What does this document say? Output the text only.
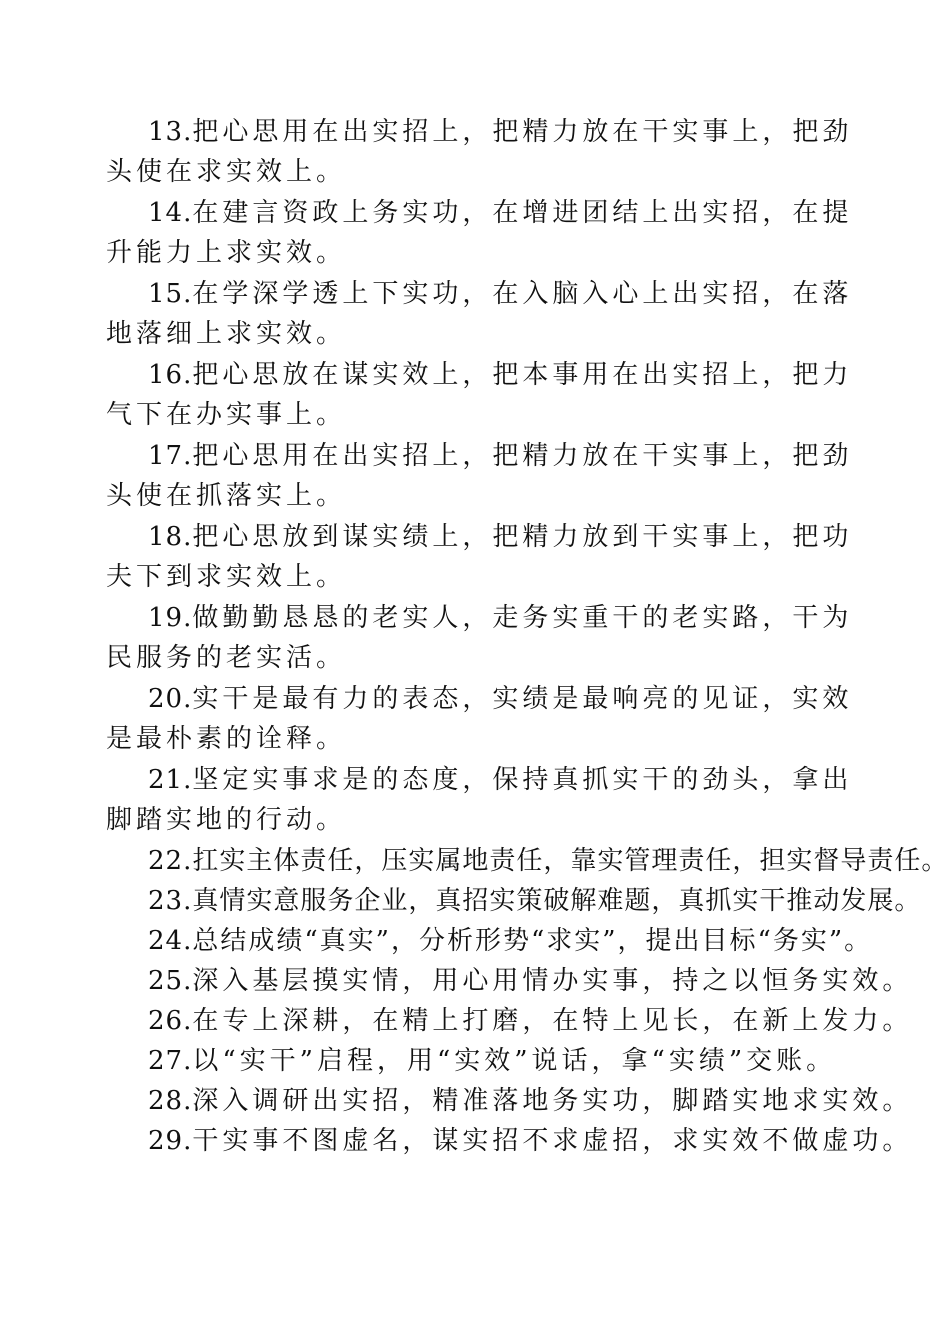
13.把心思用在出实招上，把精力放在干实事上，把劲头使在求实效上。

14.在建言资政上务实功，在增进团结上出实招，在提升能力上求实效。

15.在学深学透上下实功，在入脑入心上出实招，在落地落细上求实效。

16.把心思放在谋实效上，把本事用在出实招上，把力气下在办实事上。

17.把心思用在出实招上，把精力放在干实事上，把劲头使在抓落实上。

18.把心思放到谋实绩上，把精力放到干实事上，把功夫下到求实效上。

19.做勤勤恳恳的老实人，走务实重干的老实路，干为民服务的老实活。

20.实干是最有力的表态，实绩是最响亮的见证，实效是最朴素的诠释。

21.坚定实事求是的态度，保持真抓实干的劲头，拿出脚踏实地的行动。

22.扛实主体责任，压实属地责任，靠实管理责任，担实督导责任。

23.真情实意服务企业，真招实策破解难题，真抓实干推动发展。

24.总结成绩“真实”，分析形势“求实”，提出目标“务实”。

25.深入基层摸实情，用心用情办实事，持之以恒务实效。

26.在专上深耕，在精上打磨，在特上见长，在新上发力。

27.以“实干”启程，用“实效”说话，拿“实绩”交账。

28.深入调研出实招，精准落地务实功，脚踏实地求实效。

29.干实事不图虚名，谋实招不求虚招，求实效不做虚功。
